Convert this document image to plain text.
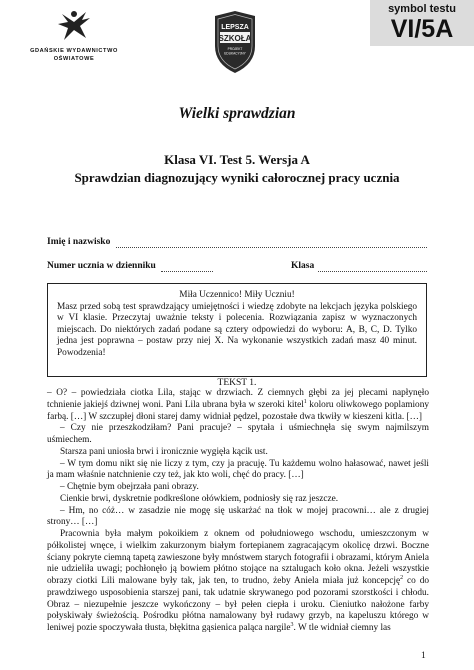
GDAŃSKIE WYDAWNICTWO
OŚWIATOWE
LEPSZA
SZKOŁA
PROJEKT
EDUKACYJNY
symbol testu
VI/5A
Wielki sprawdzian
Klasa VI. Test 5. Wersja A
Sprawdzian diagnozujący wyniki całorocznej pracy ucznia
Imię i nazwisko
Numer ucznia w dzienniku	Klasa
Miła Uczennico! Miły Uczniu!
Masz przed sobą test sprawdzający umiejętności i wiedzę zdobyte na lekcjach języka polskiego w VI klasie. Przeczytaj uważnie teksty i polecenia. Rozwiązania zapisz w wyznaczonych miejscach. Do niektórych zadań podane są cztery odpowiedzi do wyboru: A, B, C, D. Tylko jedna jest poprawna – postaw przy niej X. Na wykonanie wszystkich zadań masz 40 minut. Powodzenia!
TEKST 1.

– O? – powiedziała ciotka Lila, stając w drzwiach. Z ciemnych głębi za jej plecami napłynęło tchnienie jakiejś dziwnej woni. Pani Lila ubrana była w szeroki kitel$^1$ koloru oliwkowego poplamiony farbą. […] W szczupłej dłoni starej damy widniał pędzel, pozostałe dwa tkwiły w kieszeni kitla. […]

– Czy nie przeszkodziłam? Pani pracuje? – spytała i uśmiechnęła się swym najmilszym uśmiechem.

Starsza pani uniosła brwi i ironicznie wygięła kącik ust.

– W tym domu nikt się nie liczy z tym, czy ja pracuję. Tu każdemu wolno hałasować, nawet jeśli ja mam właśnie natchnienie czy też, jak kto woli, chęć do pracy. […]

– Chętnie bym obejrzała pani obrazy.

Cienkie brwi, dyskretnie podkreślone ołówkiem, podniosły się raz jeszcze.

– Hm, no cóż… w zasadzie nie mogę się uskarżać na tłok w mojej pracowni… ale z drugiej strony… […]

Pracownia była małym pokoikiem z oknem od południowego wschodu, umieszczonym w półkolistej wnęce, i wielkim zakurzonym białym fortepianem zagracającym okolicę drzwi. Boczne ściany pokryte ciemną tapetą zawieszone były mnóstwem starych fotografii i obrazami, którym Aniela nie udzieliła uwagi; pochłonęło ją bowiem płótno stojące na sztalugach koło okna. Jeżeli wszystkie obrazy ciotki Lili malowane były tak, jak ten, to trudno, żeby Aniela miała już koncepcję$^2$ co do prawdziwego usposobienia starszej pani, tak udatnie skrywanego pod pozorami szorstkości i chłodu. Obraz – niezupełnie jeszcze wykończony – był pełen ciepła i uroku. Cieniutko nałożone farby połyskiwały świeżością. Pośrodku płótna namalowany był rudawy grzyb, na kapeluszu którego w leniwej pozie spoczywała tłusta, błękitna gąsienica paląca nargile$^3$. W tle widniał ciemny las

1
